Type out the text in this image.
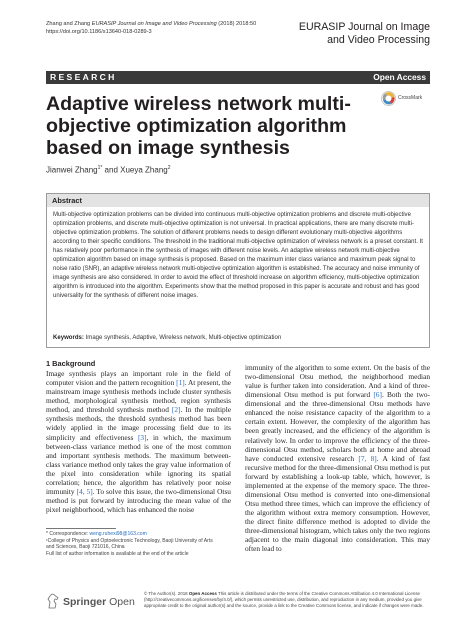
Zhang and Zhang EURASIP Journal on Image and Video Processing (2018) 2018:50
https://doi.org/10.1186/s13640-018-0289-3	EURASIP Journal on Image
and Video Processing
RESEARCH	Open Access
CrossMark
Adaptive wireless network multi-objective optimization algorithm based on image synthesis
Jianwei Zhang$^{1*}$ and Xueya Zhang$^2$
Abstract

Multi-objective optimization problems can be divided into continuous multi-objective optimization problems and discrete multi-objective optimization problems, and discrete multi-objective optimization is not universal. In practical applications, there are many discrete multi-objective optimization problems. The solution of different problems needs to design different evolutionary multi-objective algorithms according to their specific conditions. The threshold in the traditional multi-objective optimization of wireless network is a preset constant. It has relatively poor performance in the synthesis of images with different noise levels. An adaptive wireless network multi-objective optimization algorithm based on image synthesis is proposed. Based on the maximum inter class variance and maximum peak signal to noise ratio (SNR), an adaptive wireless network multi-objective optimization algorithm is established. The accuracy and noise immunity of image synthesis are also considered. In order to avoid the effect of threshold increase on algorithm efficiency, multi-objective optimization algorithm is introduced into the algorithm. Experiments show that the method proposed in this paper is accurate and robust and has good universality for the synthesis of different noise images.

Keywords: Image synthesis, Adaptive, Wireless network, Multi-objective optimization

1 Background

Image synthesis plays an important role in the field of computer vision and the pattern recognition [1]. At present, the mainstream image synthesis methods include cluster synthesis method, morphological synthesis method, region synthesis method, and threshold synthesis method [2]. In the multiple synthesis methods, the threshold synthesis method has been widely applied in the image processing field due to its simplicity and effectiveness [3], in which, the maximum between-class variance method is one of the most common and important synthesis methods. The maximum between-class variance method only takes the gray value information of the pixel into consideration while ignoring its spatial correlation; hence, the algorithm has relatively poor noise immunity [4, 5]. To solve this issue, the two-dimensional Otsu method is put forward by introducing the mean value of the pixel neighborhood, which has enhanced the noise

immunity of the algorithm to some extent. On the basis of the two-dimensional Otsu method, the neighborhood median value is further taken into consideration. And a kind of three-dimensional Otsu method is put forward [6]. Both the two-dimensional and the three-dimensional Otsu methods have enhanced the noise resistance capacity of the algorithm to a certain extent. However, the complexity of the algorithm has been greatly increased, and the efficiency of the algorithm is relatively low. In order to improve the efficiency of the three-dimensional Otsu method, scholars both at home and abroad have conducted extensive research [7, 8]. A kind of fast recursive method for the three-dimensional Otsu method is put forward by establishing a look-up table, which, however, is implemented at the expense of the memory space. The three-dimensional Otsu method is converted into one-dimensional Otsu method three times, which can improve the efficiency of the algorithm without extra memory consumption. However, the direct finite difference method is adopted to divide the three-dimensional histogram, which takes only the two regions adjacent to the main diagonal into consideration. This may often lead to

* Correspondence: weng.ruhexi98@163.com
¹College of Physics and Optoelectronic Technology, Baoji University of Arts
and Sciences, Baoji 721016, China
Full list of author information is available at the end of the article
Springer Open

© The Author(s). 2018 Open Access This article is distributed under the terms of the Creative Commons Attribution 4.0 International License (http://creativecommons.org/licenses/by/4.0/), which permits unrestricted use, distribution, and reproduction in any medium, provided you give appropriate credit to the original author(s) and the source, provide a link to the Creative Commons license, and indicate if changes were made.
